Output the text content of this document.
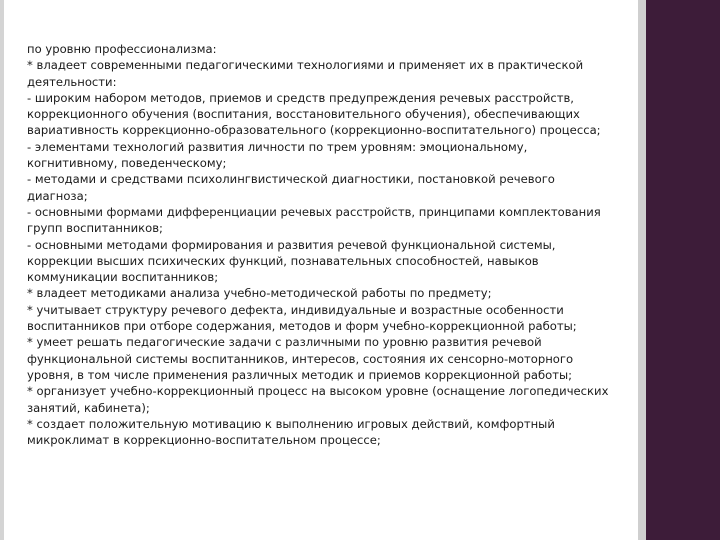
по уровню профессионализма:
* владеет современными педагогическими технологиями и применяет их в практической
деятельности:
- широким набором методов, приемов и средств предупреждения речевых расстройств,
коррекционного обучения (воспитания, восстановительного обучения), обеспечивающих
вариативность коррекционно-образовательного (коррекционно-воспитательного) процесса;
- элементами технологий развития личности по трем уровням: эмоциональному,
когнитивному, поведенческому;
- методами и средствами психолингвистической диагностики, постановкой речевого
диагноза;
- основными формами дифференциации речевых расстройств, принципами комплектования
групп воспитанников;
- основными методами формирования и развития речевой функциональной системы,
коррекции высших психических функций, познавательных способностей, навыков
коммуникации воспитанников;
* владеет методиками анализа учебно-методической работы по предмету;
* учитывает структуру речевого дефекта, индивидуальные и возрастные особенности
воспитанников при отборе содержания, методов и форм учебно-коррекционной работы;
* умеет решать педагогические задачи с различными по уровню развития речевой
функциональной системы воспитанников, интересов, состояния их сенсорно-моторного
уровня, в том числе применения различных методик и приемов коррекционной работы;
* организует учебно-коррекционный процесс на высоком уровне (оснащение логопедических
занятий, кабинета);
* создает положительную мотивацию к выполнению игровых действий, комфортный
микроклимат в коррекционно-воспитательном процессе;
